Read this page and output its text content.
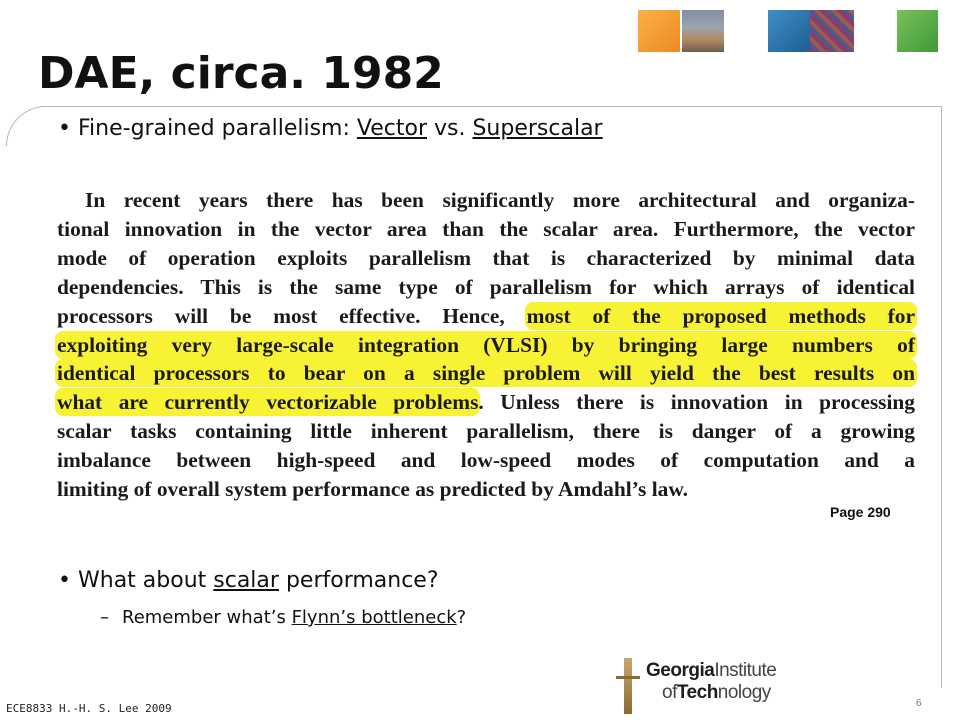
DAE, circa. 1982
• Fine-grained parallelism: Vector vs. Superscalar
In recent years there has been significantly more architectural and organiza-
tional innovation in the vector area than the scalar area. Furthermore, the vector
mode of operation exploits parallelism that is characterized by minimal data
dependencies. This is the same type of parallelism for which arrays of identical
processors will be most effective. Hence, most of the proposed methods for
exploiting very large-scale integration (VLSI) by bringing large numbers of
identical processors to bear on a single problem will yield the best results on
what are currently vectorizable problems. Unless there is innovation in processing
scalar tasks containing little inherent parallelism, there is danger of a growing
imbalance between high-speed and low-speed modes of computation and a
limiting of overall system performance as predicted by Amdahl’s law.
Page 290
• What about scalar performance?
– Remember what’s Flynn’s bottleneck?
GeorgiaInstitute
ofTechnology
ECE8833 H.-H. S. Lee 2009	6
